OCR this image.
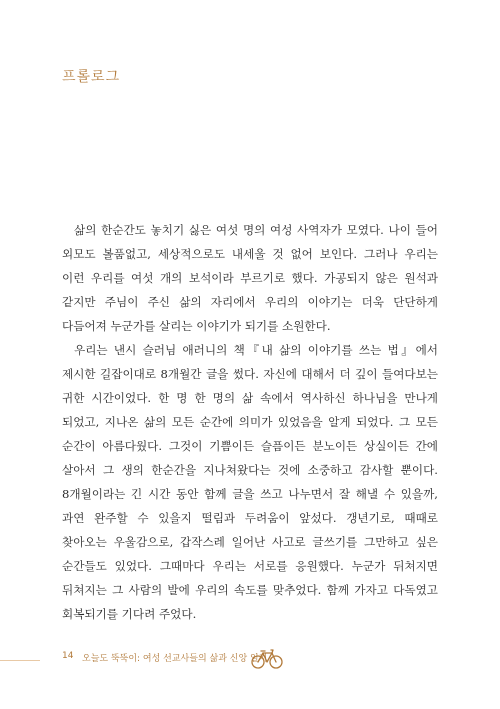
프롤로그

삶의 한순간도 놓치기 싫은 여섯 명의 여성 사역자가 모였다. 나이 들어 외모도 볼품없고, 세상적으로도 내세울 것 없어 보인다. 그러나 우리는 이런 우리를 여섯 개의 보석이라 부르기로 했다. 가공되지 않은 원석과 같지만 주님이 주신 삶의 자리에서 우리의 이야기는 더욱 단단하게 다듬어져 누군가를 살리는 이야기가 되기를 소원한다.

우리는 낸시 슬러님 애러니의 책『내 삶의 이야기를 쓰는 법』에서 제시한 길잡이대로 8개월간 글을 썼다. 자신에 대해서 더 깊이 들여다보는 귀한 시간이었다. 한 명 한 명의 삶 속에서 역사하신 하나님을 만나게 되었고, 지나온 삶의 모든 순간에 의미가 있었음을 알게 되었다. 그 모든 순간이 아름다웠다. 그것이 기쁨이든 슬픔이든 분노이든 상실이든 간에 살아서 그 생의 한순간을 지나쳐왔다는 것에 소중하고 감사할 뿐이다. 8개월이라는 긴 시간 동안 함께 글을 쓰고 나누면서 잘 해낼 수 있을까, 과연 완주할 수 있을지 떨림과 두려움이 앞섰다. 갱년기로, 때때로 찾아오는 우울감으로, 갑작스레 일어난 사고로 글쓰기를 그만하고 싶은 순간들도 있었다. 그때마다 우리는 서로를 응원했다. 누군가 뒤쳐지면 뒤쳐지는 그 사람의 발에 우리의 속도를 맞추었다. 함께 가자고 다독였고 회복되기를 기다려 주었다.

14 오늘도 뚝뚝이: 여성 선교사들의 삶과 신앙 일기
